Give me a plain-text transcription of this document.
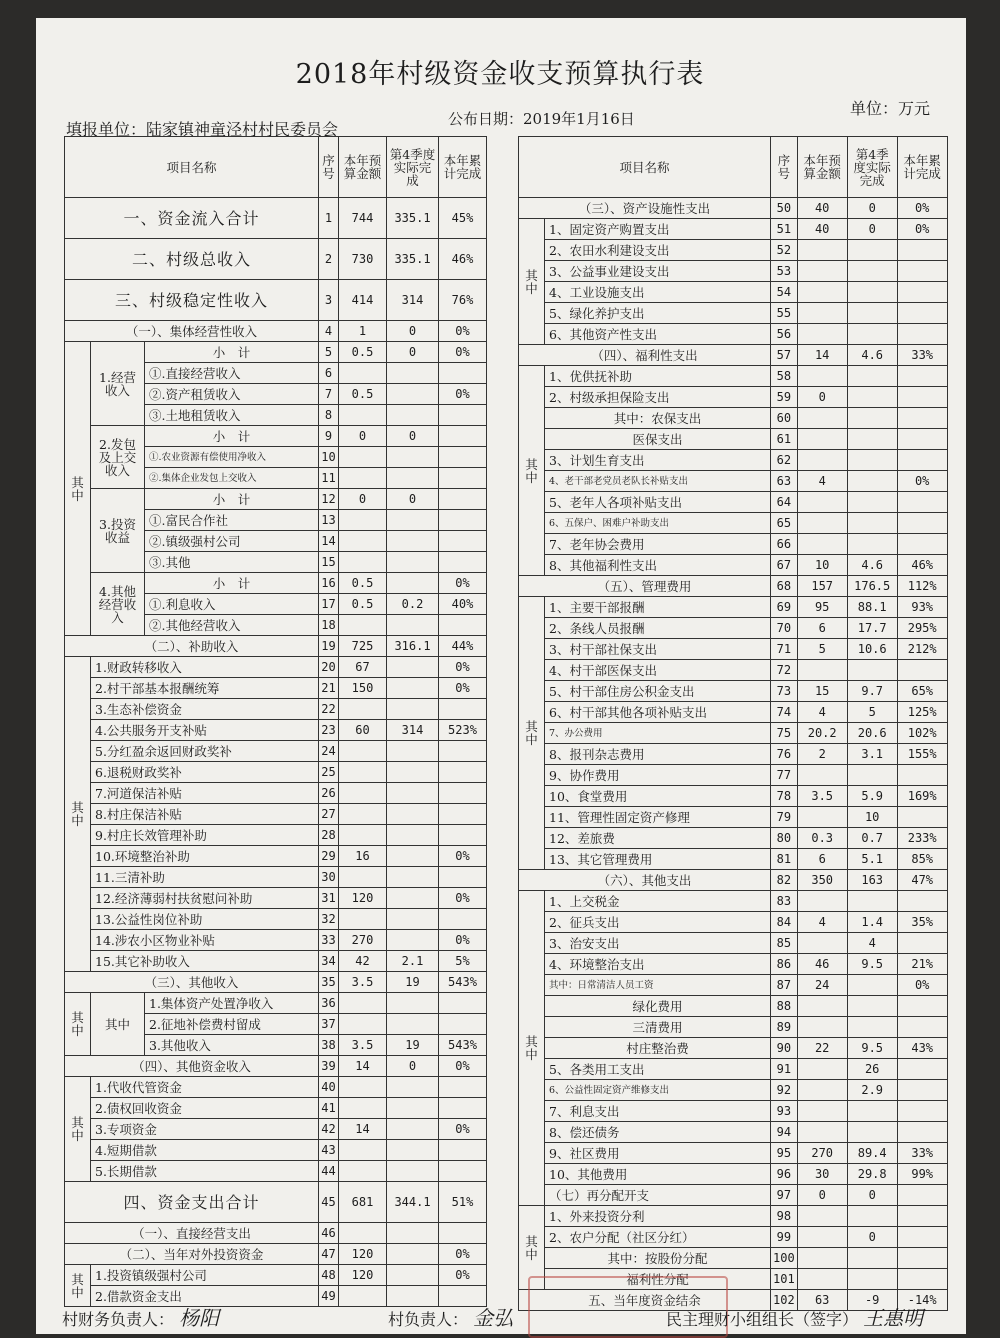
2018年村级资金收支预算执行表
单位：万元
公布日期：2019年1月16日
填报单位：陆家镇神童泾村村民委员会
项目名称			序号	本年预算金额	第4季度实际完成	本年累计完成
一、资金流入合计			1	744	335.1	45%
二、村级总收入			2	730	335.1	46%
三、村级稳定性收入			3	414	314	76%
（一）、集体经营性收入			4	1	0	0%
其中	1.经营收入	小　计	5	0.5	0	0%
		①.直接经营收入	6			
		②.资产租赁收入	7	0.5		0%
		③.土地租赁收入	8			
	2.发包及上交收入	小　计	9	0	0	
		①.农业资源有偿使用净收入	10			
		②.集体企业发包上交收入	11			
	3.投资收益	小　计	12	0	0	
		①.富民合作社	13			
		②.镇级强村公司	14			
		③.其他	15			
	4.其他经营收入	小　计	16	0.5		0%
		①.利息收入	17	0.5	0.2	40%
		②.其他经营收入	18			
（二）、补助收入			19	725	316.1	44%
其中	1.财政转移收入		20	67		0%
	2.村干部基本报酬统筹		21	150		0%
	3.生态补偿资金		22			
	4.公共服务开支补贴		23	60	314	523%
	5.分红盈余返回财政奖补		24			
	6.退税财政奖补		25			
	7.河道保洁补贴		26			
	8.村庄保洁补贴		27			
	9.村庄长效管理补助		28			
	10.环境整治补助		29	16		0%
	11.三清补助		30			
	12.经济薄弱村扶贫慰问补助		31	120		0%
	13.公益性岗位补助		32			
	14.涉农小区物业补贴		33	270		0%
	15.其它补助收入		34	42	2.1	5%
（三）、其他收入			35	3.5	19	543%
其中	其中	1.集体资产处置净收入	36			
		2.征地补偿费村留成	37			
		3.其他收入	38	3.5	19	543%
（四）、其他资金收入			39	14	0	0%
其中	1.代收代管资金		40			
	2.债权回收资金		41			
	3.专项资金		42	14		0%
	4.短期借款		43			
	5.长期借款		44			
四、资金支出合计			45	681	344.1	51%
（一）、直接经营支出			46			
（二）、当年对外投资资金			47	120		0%
其中	1.投资镇级强村公司		48	120		0%
	2.借款资金支出		49			
项目名称		序号	本年预算金额	第4季度实际完成	本年累计完成
（三）、资产设施性支出		50	40	0	0%
其中	1、固定资产购置支出	51	40	0	0%
	2、农田水利建设支出	52			
	3、公益事业建设支出	53			
	4、工业设施支出	54			
	5、绿化养护支出	55			
	6、其他资产性支出	56			
（四）、福利性支出		57	14	4.6	33%
其中	1、优供抚补助	58			
	2、村级承担保险支出	59	0		
	其中：农保支出	60			
	医保支出	61			
	3、计划生育支出	62			
	4、老干部老党员老队长补贴支出	63	4		0%
	5、老年人各项补贴支出	64			
	6、五保户、困难户补助支出	65			
	7、老年协会费用	66			
	8、其他福利性支出	67	10	4.6	46%
（五）、管理费用		68	157	176.5	112%
其中	1、主要干部报酬	69	95	88.1	93%
	2、条线人员报酬	70	6	17.7	295%
	3、村干部社保支出	71	5	10.6	212%
	4、村干部医保支出	72			
	5、村干部住房公积金支出	73	15	9.7	65%
	6、村干部其他各项补贴支出	74	4	5	125%
	7、办公费用	75	20.2	20.6	102%
	8、报刊杂志费用	76	2	3.1	155%
	9、协作费用	77			
	10、食堂费用	78	3.5	5.9	169%
	11、管理性固定资产修理	79		10	
	12、差旅费	80	0.3	0.7	233%
	13、其它管理费用	81	6	5.1	85%
（六）、其他支出		82	350	163	47%
其中	1、上交税金	83			
	2、征兵支出	84	4	1.4	35%
	3、治安支出	85		4	
	4、环境整治支出	86	46	9.5	21%
	其中：日常清洁人员工资	87	24		0%
	绿化费用	88			
	三清费用	89			
	村庄整治费	90	22	9.5	43%
	5、各类用工支出	91		26	
	6、公益性固定资产维修支出	92		2.9	
	7、利息支出	93			
	8、偿还债务	94			
	9、社区费用	95	270	89.4	33%
	10、其他费用	96	30	29.8	99%
	（七）再分配开支	97	0	0	
其中	1、外来投资分利	98			
	2、农户分配（社区分红）	99		0	
	其中：按股份分配	100			
	福利性分配	101			
五、当年度资金结余		102	63	-9	-14%
村财务负责人： 杨阳	村负责人： 金弘	民主理财小组组长（签字） 王惠明
